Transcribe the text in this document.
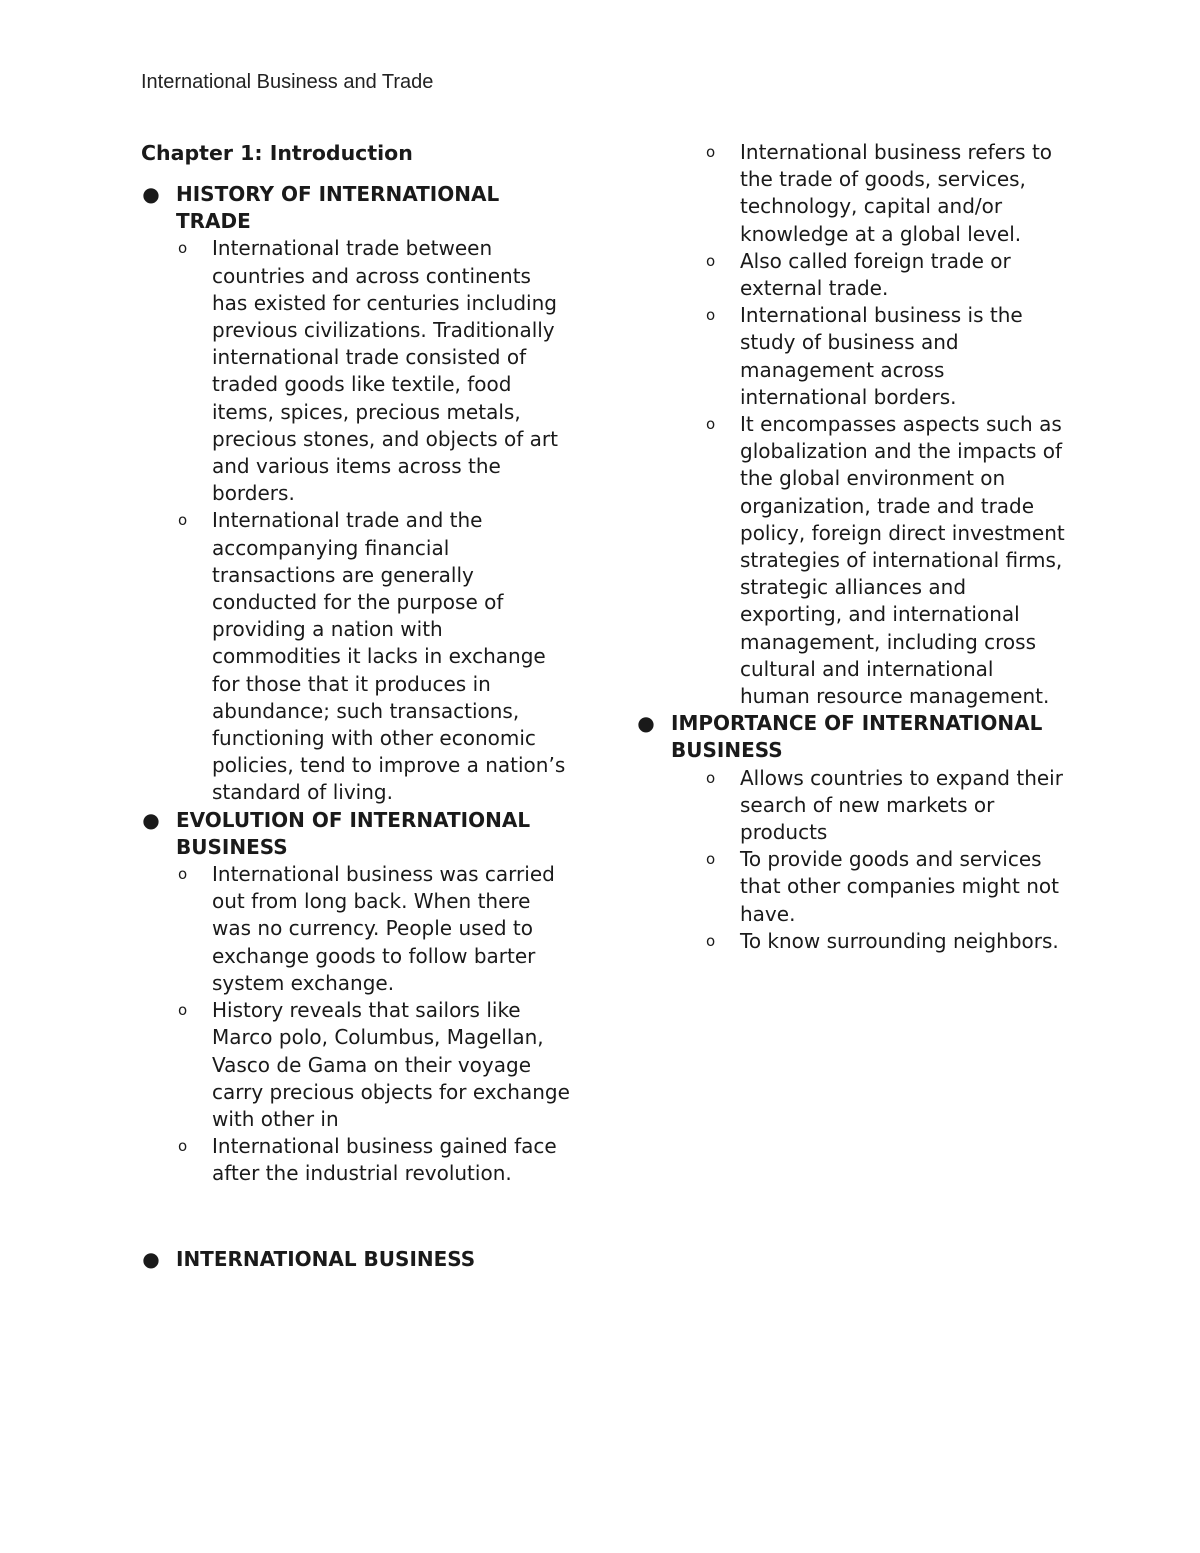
International Business and Trade

Chapter 1: Introduction

● HISTORY OF INTERNATIONAL TRADE

o International trade between countries and across continents has existed for centuries including previous civilizations. Traditionally international trade consisted of traded goods like textile, food items, spices, precious metals, precious stones, and objects of art and various items across the borders.
o International trade and the accompanying financial transactions are generally conducted for the purpose of providing a nation with commodities it lacks in exchange for those that it produces in abundance; such transactions, functioning with other economic policies, tend to improve a nation’s standard of living.
● EVOLUTION OF INTERNATIONAL BUSINESS

o International business was carried out from long back. When there was no currency. People used to exchange goods to follow barter system exchange.
o History reveals that sailors like Marco polo, Columbus, Magellan, Vasco de Gama on their voyage carry precious objects for exchange with other in
o International business gained face after the industrial revolution.
● INTERNATIONAL BUSINESS

o International business refers to the trade of goods, services, technology, capital and/or knowledge at a global level.
o Also called foreign trade or external trade.
o International business is the study of business and management across international borders.
o It encompasses aspects such as globalization and the impacts of the global environment on organization, trade and trade policy, foreign direct investment strategies of international firms, strategic alliances and exporting, and international management, including cross cultural and international human resource management.
● IMPORTANCE OF INTERNATIONAL BUSINESS

o Allows countries to expand their search of new markets or products
o To provide goods and services that other companies might not have.
o To know surrounding neighbors.
